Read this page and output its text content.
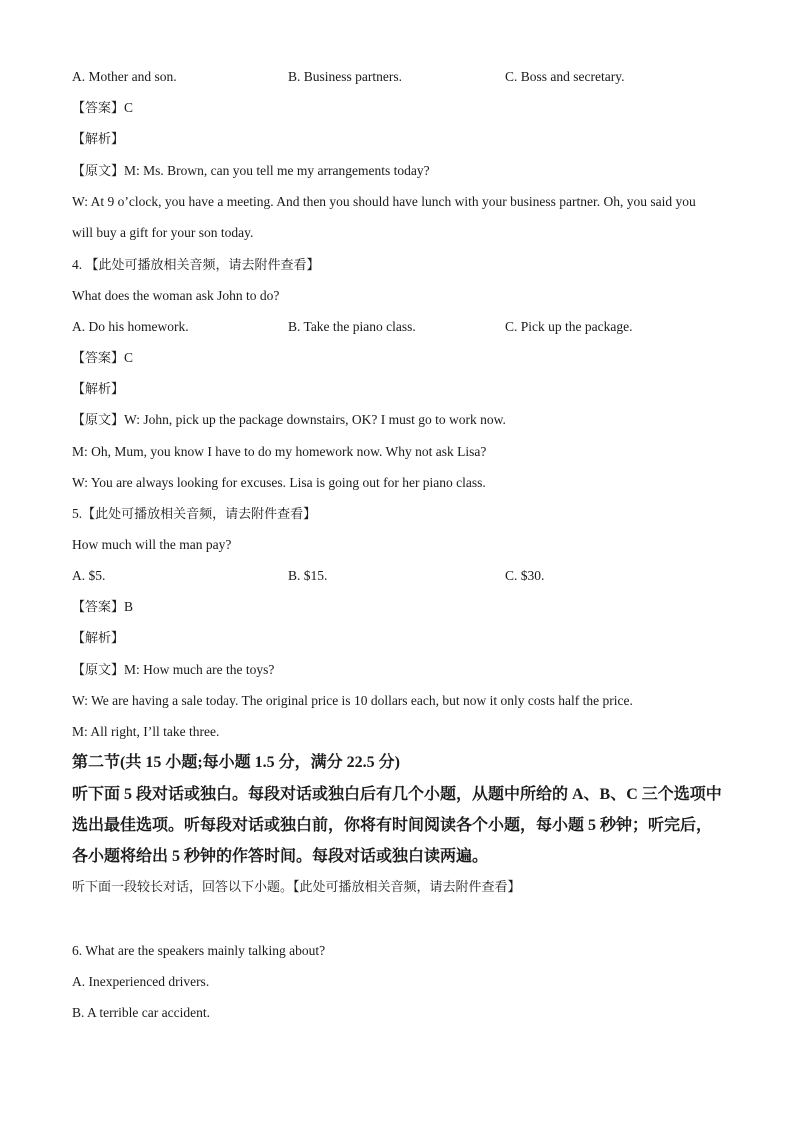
A. Mother and son.	B. Business partners.	C. Boss and secretary.
【答案】C
【解析】
【原文】M: Ms. Brown, can you tell me my arrangements today?
W: At 9 o’clock, you have a meeting. And then you should have lunch with your business partner. Oh, you said you
will buy a gift for your son today.
4. 【此处可播放相关音频，请去附件查看】
What does the woman ask John to do?
A. Do his homework.	B. Take the piano class.	C. Pick up the package.
【答案】C
【解析】
【原文】W: John, pick up the package downstairs, OK? I must go to work now.
M: Oh, Mum, you know I have to do my homework now. Why not ask Lisa?
W: You are always looking for excuses. Lisa is going out for her piano class.
5.【此处可播放相关音频，请去附件查看】
How much will the man pay?
A. $5.	B. $15.	C. $30.
【答案】B
【解析】
【原文】M: How much are the toys?
W: We are having a sale today. The original price is 10 dollars each, but now it only costs half the price.
M: All right, I’ll take three.
第二节(共 15 小题;每小题 1.5 分，满分 22.5 分)
听下面 5 段对话或独白。每段对话或独白后有几个小题，从题中所给的 A、B、C 三个选项中
选出最佳选项。听每段对话或独白前，你将有时间阅读各个小题，每小题 5 秒钟；听完后，
各小题将给出 5 秒钟的作答时间。每段对话或独白读两遍。
听下面一段较长对话，回答以下小题。【此处可播放相关音频，请去附件查看】
6. What are the speakers mainly talking about?
A. Inexperienced drivers.
B. A terrible car accident.
